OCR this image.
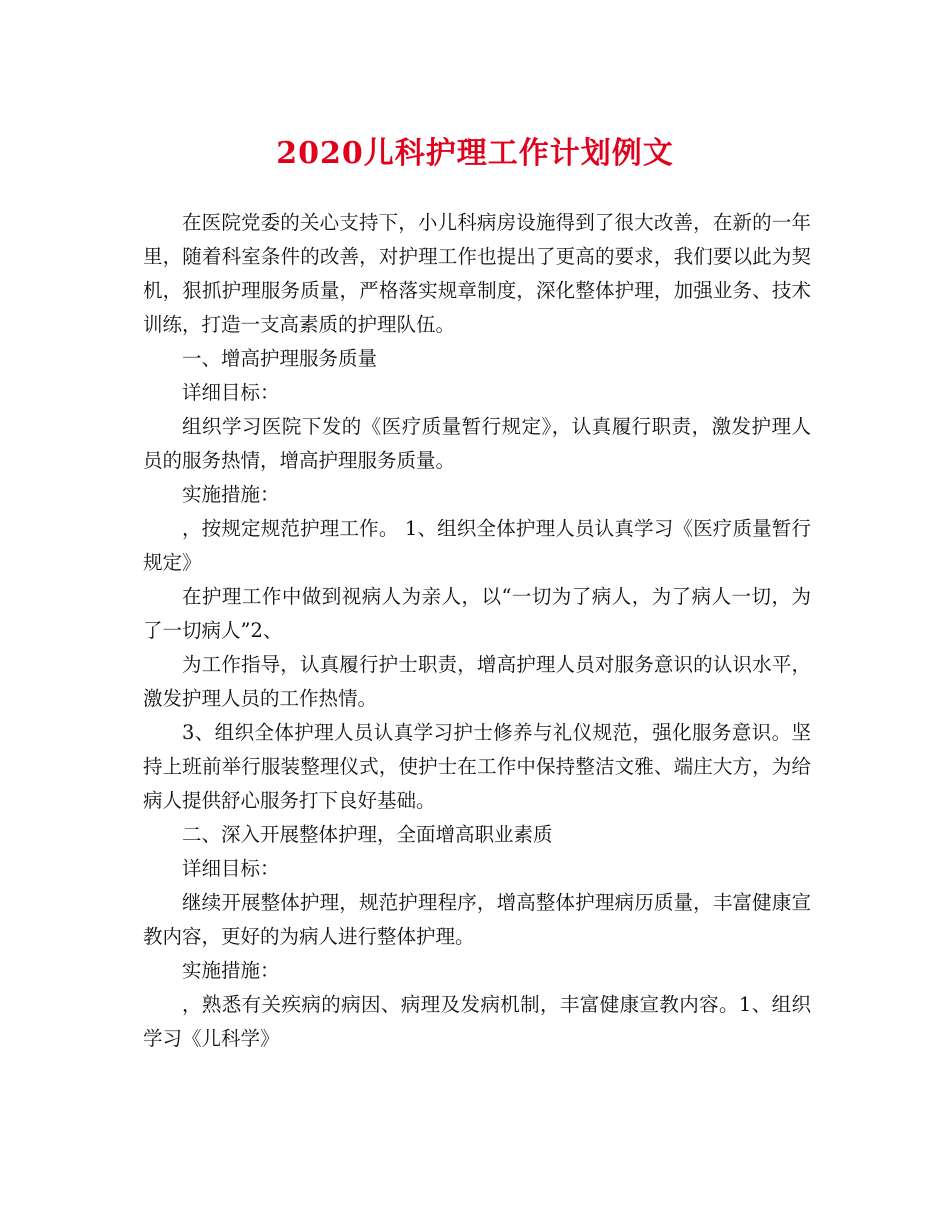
2020儿科护理工作计划例文

在医院党委的关心支持下，小儿科病房设施得到了很大改善，在新的一年里，随着科室条件的改善，对护理工作也提出了更高的要求，我们要以此为契机，狠抓护理服务质量，严格落实规章制度，深化整体护理，加强业务、技术训练，打造一支高素质的护理队伍。

一、增高护理服务质量

详细目标：

组织学习医院下发的《医疗质量暂行规定》，认真履行职责，激发护理人员的服务热情，增高护理服务质量。

实施措施：

，按规定规范护理工作。 1、组织全体护理人员认真学习《医疗质量暂行规定》

在护理工作中做到视病人为亲人，以“一切为了病人，为了病人一切，为了一切病人”2、

为工作指导，认真履行护士职责，增高护理人员对服务意识的认识水平，激发护理人员的工作热情。

3、组织全体护理人员认真学习护士修养与礼仪规范，强化服务意识。坚持上班前举行服装整理仪式，使护士在工作中保持整洁文雅、端庄大方，为给病人提供舒心服务打下良好基础。

二、深入开展整体护理，全面增高职业素质

详细目标：

继续开展整体护理，规范护理程序，增高整体护理病历质量，丰富健康宣教内容，更好的为病人进行整体护理。

实施措施：

，熟悉有关疾病的病因、病理及发病机制，丰富健康宣教内容。1、组织学习《儿科学》
